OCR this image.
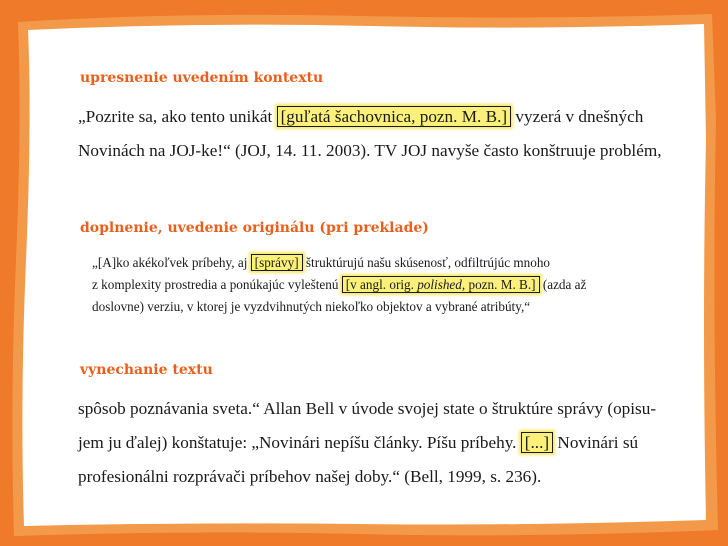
upresnenie uvedením kontextu
„Pozrite sa, ako tento unikát [guľatá šachovnica, pozn. M. B.] vyzerá v dnešných
Novinách na JOJ-ke!“ (JOJ, 14. 11. 2003). TV JOJ navyše často konštruuje problém,
doplnenie, uvedenie originálu (pri preklade)
„[A]ko akékoľvek príbehy, aj [správy] štruktúrujú našu skúsenosť, odfiltrújúc mnoho
z komplexity prostredia a ponúkajúc vyleštenú [v angl. orig. polished, pozn. M. B.] (azda až
doslovne) verziu, v ktorej je vyzdvihnutých niekoľko objektov a vybrané atribúty,“
vynechanie textu
spôsob poznávania sveta.“ Allan Bell v úvode svojej state o štruktúre správy (opisu-
jem ju ďalej) konštatuje: „Novinári nepíšu články. Píšu príbehy. [...] Novinári sú
profesionálni rozprávači príbehov našej doby.“ (Bell, 1999, s. 236).
